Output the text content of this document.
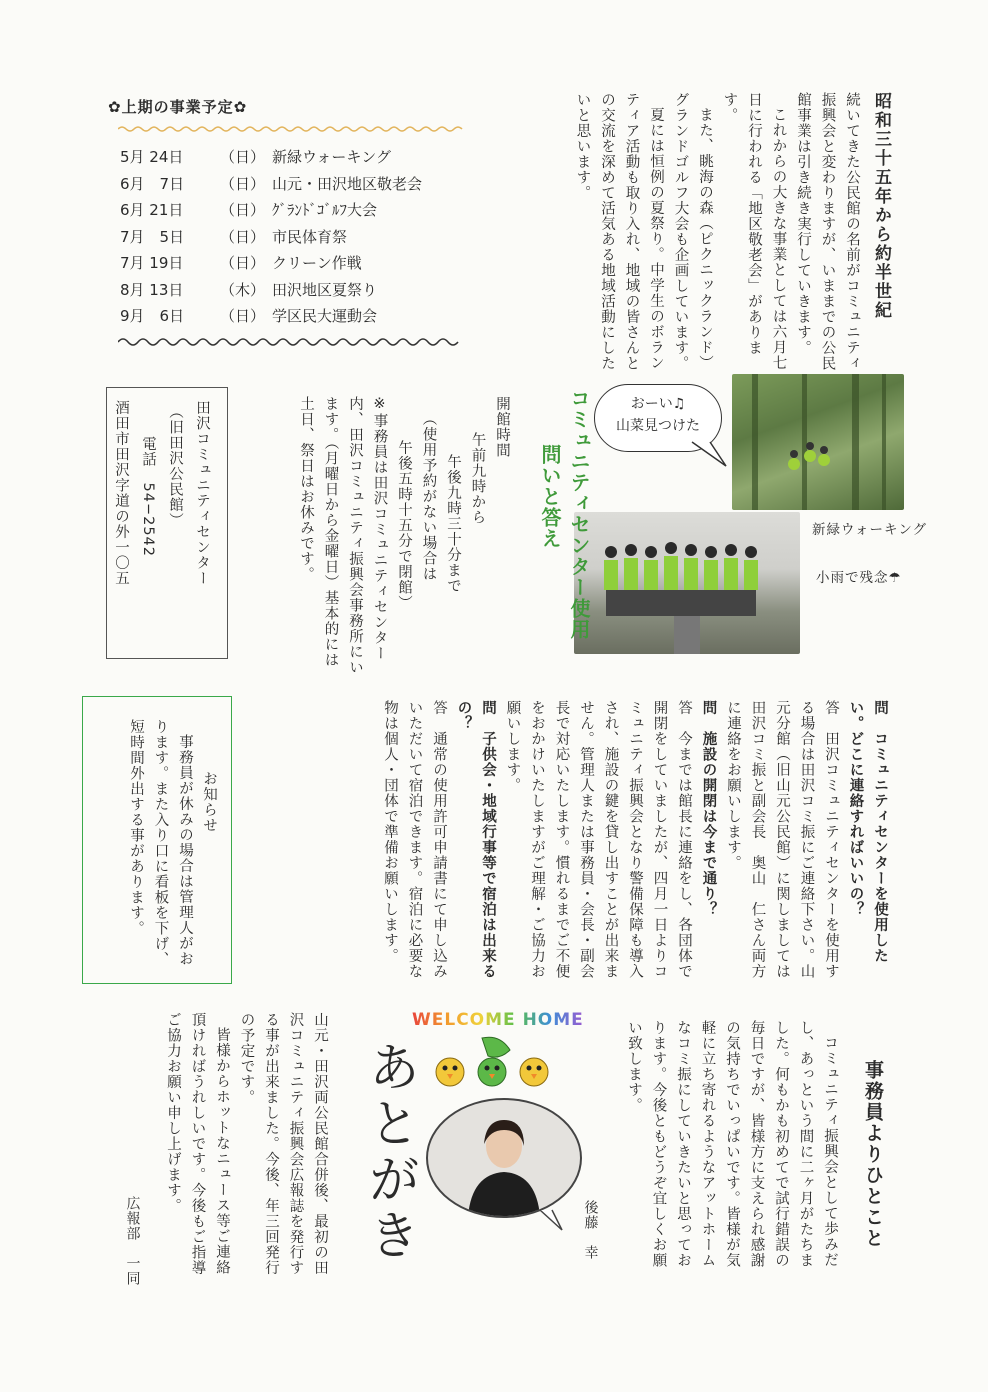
昭和三十五年から約半世紀

続いてきた公民館の名前がコミュニティ振興会と変わりますが、いままでの公民館事業は引き続き実行していきます。

これからの大きな事業としては六月七日に行われる「地区敬老会」があります。

また、眺海の森（ピクニックランド）グランドゴルフ大会も企画しています。

夏には恒例の夏祭り。中学生のボランティア活動も取り入れ、地域の皆さんとの交流を深めて活気ある地域活動にしたいと思います。

✿上期の事業予定✿
5月 24日	（日） 新緑ウォーキング
6月　7日	（日） 山元・田沢地区敬老会
6月 21日	（日） ｸﾞﾗﾝﾄﾞｺﾞﾙﾌ大会
7月　5日	（日） 市民体育祭
7月 19日	（日） クリーン作戦
8月 13日	（木） 田沢地区夏祭り
9月　6日	（日） 学区民大運動会
おーい♫
山菜見つけた
新緑ウォーキング
小雨で残念☂
コミュニティセンター使用
問いと答え

開館時間

午前九時から

午後九時三十分まで

（使用予約がない場合は

午後五時十五分で閉館）

※事務員は田沢コミュニティセンター内、田沢コミュニティ振興会事務所にいます。（月曜日から金曜日）基本的には土日、祭日はお休みです。

田沢コミュニティセンター

（旧田沢公民館）

電話　54−2542

酒田市田沢字道の外一〇五

問　コミュニティセンターを使用したい。どこに連絡すればいいの？

答　田沢コミュニティセンターを使用する場合は田沢コミ振にご連絡下さい。山元分館（旧山元公民館）に関しましては田沢コミ振と副会長　奥山　仁さん両方に連絡をお願いします。

問　施設の開閉は今まで通り？

答　今までは館長に連絡をし、各団体で開閉をしていましたが、四月一日よりコミュニティ振興会となり警備保障も導入され、施設の鍵を貸し出すことが出来ません。管理人または事務員・会長・副会長で対応いたします。慣れるまでご不便をおかけいたしますがご理解・ご協力お願いします。

問　子供会・地域行事等で宿泊は出来るの？

答　通常の使用許可申請書にて申し込みいただいて宿泊できます。宿泊に必要な物は個人・団体で準備お願いします。

お知らせ
事務員が休みの場合は管理人がおります。また入り口に看板を下げ、短時間外出する事があります。
事務員よりひとこと
コミュニティ振興会として歩みだし、あっという間に二ヶ月がたちました。何もかも初めてで試行錯誤の毎日ですが、皆様方に支えられ感謝の気持ちでいっぱいです。皆様が気軽に立ち寄れるようなアットホームなコミ振にしていきたいと思っております。今後ともどうぞ宜しくお願い致します。
後藤　幸
WELCOME HOME
あとがき

山元・田沢両公民館合併後、最初の田沢コミュニティ振興会広報誌を発行する事が出来ました。今後、年三回発行の予定です。

皆様からホットなニュース等ご連絡頂ければうれしいです。今後もご指導ご協力お願い申し上げます。

広報部　一同
